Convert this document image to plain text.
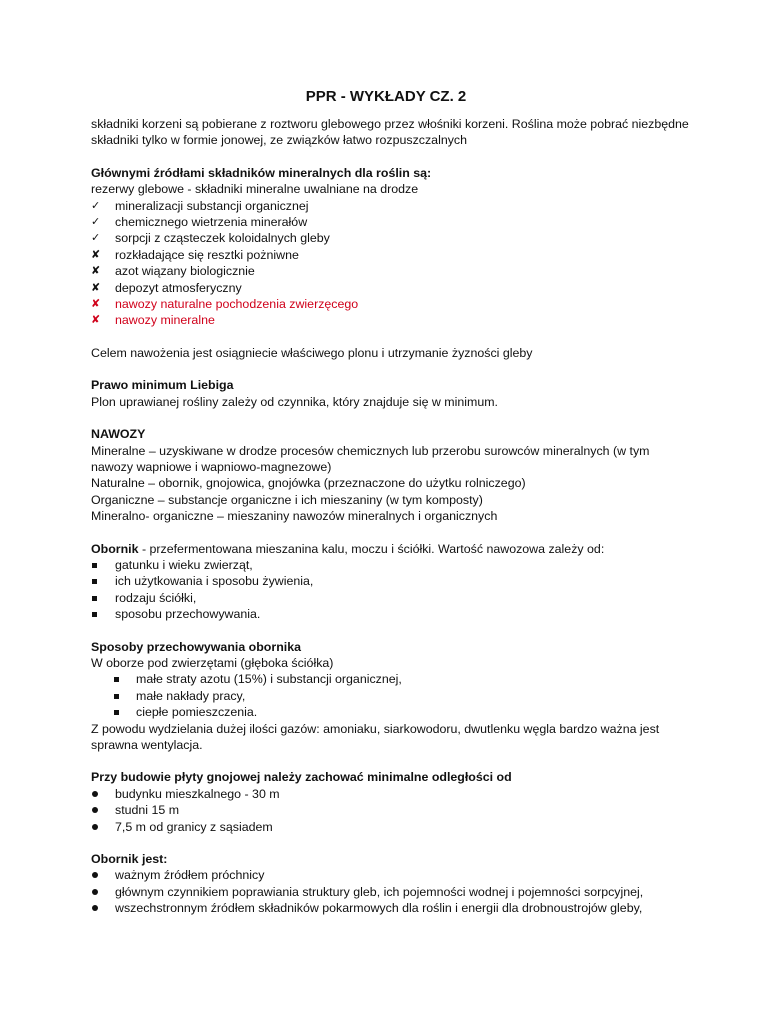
PPR - WYKŁADY CZ. 2

składniki korzeni są pobierane z roztworu glebowego przez włośniki korzeni. Roślina może pobrać niezbędne składniki tylko w formie jonowej, ze związków łatwo rozpuszczalnych

Głównymi źródłami składników mineralnych dla roślin są:

rezerwy glebowe - składniki mineralne uwalniane na drodze

✓	mineralizacji substancji organicznej
✓	chemicznego wietrzenia minerałów
✓	sorpcji z cząsteczek koloidalnych gleby
✘	rozkładające się resztki pożniwne
✘	azot wiązany biologicznie
✘	depozyt atmosferyczny
✘	nawozy naturalne pochodzenia zwierzęcego
✘	nawozy mineralne

Celem nawożenia jest osiągniecie właściwego plonu i utrzymanie żyzności gleby

Prawo minimum Liebiga

Plon uprawianej rośliny zależy od czynnika, który znajduje się w minimum.

NAWOZY

Mineralne – uzyskiwane w drodze procesów chemicznych lub przerobu surowców mineralnych (w tym nawozy wapniowe i wapniowo-magnezowe)

Naturalne – obornik, gnojowica, gnojówka (przeznaczone do użytku rolniczego)

Organiczne – substancje organiczne i ich mieszaniny (w tym komposty)

Mineralno- organiczne – mieszaniny nawozów mineralnych i organicznych

Obornik - przefermentowana mieszanina kalu, moczu i ściółki. Wartość nawozowa zależy od:

gatunku i wieku zwierząt,
ich użytkowania i sposobu żywienia,
rodzaju ściółki,
sposobu przechowywania.

Sposoby przechowywania obornika

W oborze pod zwierzętami (głęboka ściółka)

małe straty azotu (15%) i substancji organicznej,
małe nakłady pracy,
ciepłe pomieszczenia.

Z powodu wydzielania dużej ilości gazów: amoniaku, siarkowodoru, dwutlenku węgla bardzo ważna jest sprawna wentylacja.

Przy budowie płyty gnojowej należy zachować minimalne odległości od

budynku mieszkalnego - 30 m
studni 15 m
7,5 m od granicy z sąsiadem

Obornik jest:

ważnym źródłem próchnicy
głównym czynnikiem poprawiania struktury gleb, ich pojemności wodnej i pojemności sorpcyjnej,
wszechstronnym źródłem składników pokarmowych dla roślin i energii dla drobnoustrojów gleby,
